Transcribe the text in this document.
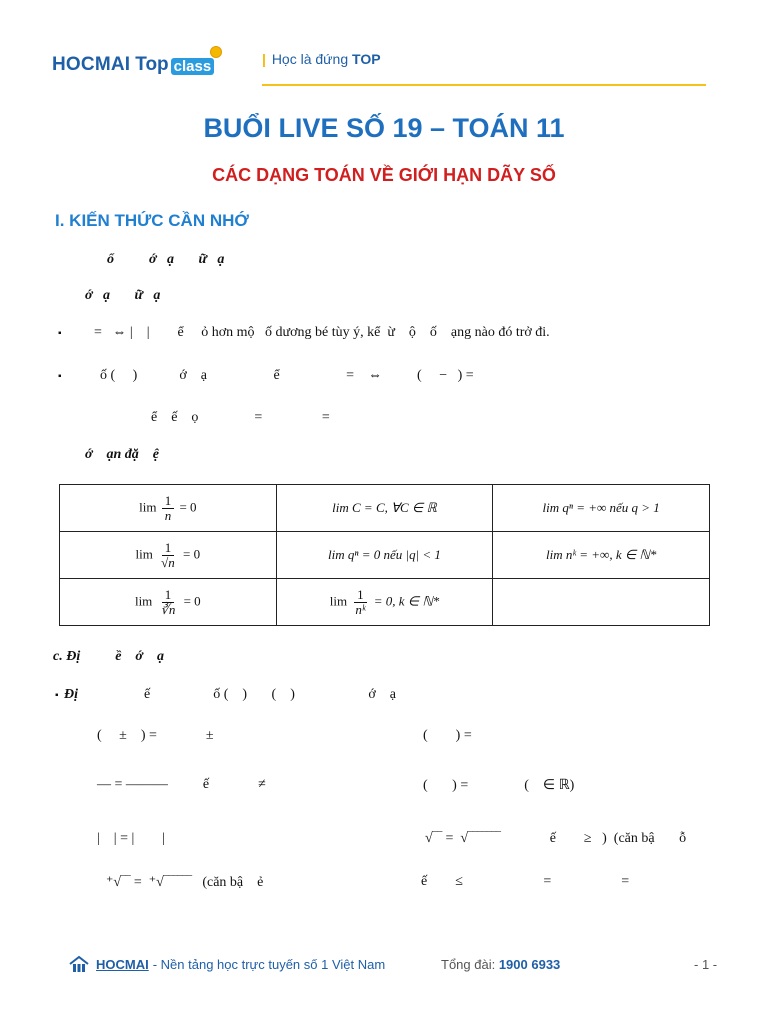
HOCMAI Top class	| Học là đứng TOP
BUỔI LIVE SỐ 19 – TOÁN 11
CÁC DẠNG TOÁN VỀ GIỚI HẠN DÃY SỐ
I. KIẾN THỨC CẦN NHỚ
ổ          ớ   ạ       ữ   ạ
ớ   ạ       ữ   ạ
▪ =   ⇔ |    |        ể     ỏ hơn mộ   ố dương bé tùy ý, kể  ừ    ộ    ố    ạng nào đó trở đi.
▪	ố (     )            ớ    ạ                   ể                   =    ⇔          (     −   ) =
ể    ế    ọ                =                 =
ớ    ạn đặ    ệ
$\lim \frac{1}{n} = 0$	lim C = C, ∀C ∈ ℝ	lim qⁿ = +∞ nếu q > 1
$\lim \frac{1}{√n} = 0$	lim qⁿ = 0 nếu |q| < 1	lim nᵏ = +∞, k ∈ ℕ*
$\lim \frac{1}{∛n} = 0$	$\lim \frac{1}{\text{nᵏ}} = 0$, k ∈ ℕ*	
c. Đị          ề    ớ    ạ
▪ Đị	ế                  ố (    )       (    )                     ớ    ạ
(     ±    ) =              ±	(        ) =
— = ———          ế              ≠	(       ) =                (    ∈ ℝ)
|    | = |        |	√‾‾ =  √‾‾‾‾‾‾‾              ế        ≥   )  (căn bậ       ỗ
⁺√‾‾ =  ⁺√‾‾‾‾‾‾   (căn bậ    ẻ	ế        ≤                       =                    =
HOCMAI - Nền tảng học trực tuyến số 1 Việt Nam	Tổng đài: 1900 6933	- 1 -
